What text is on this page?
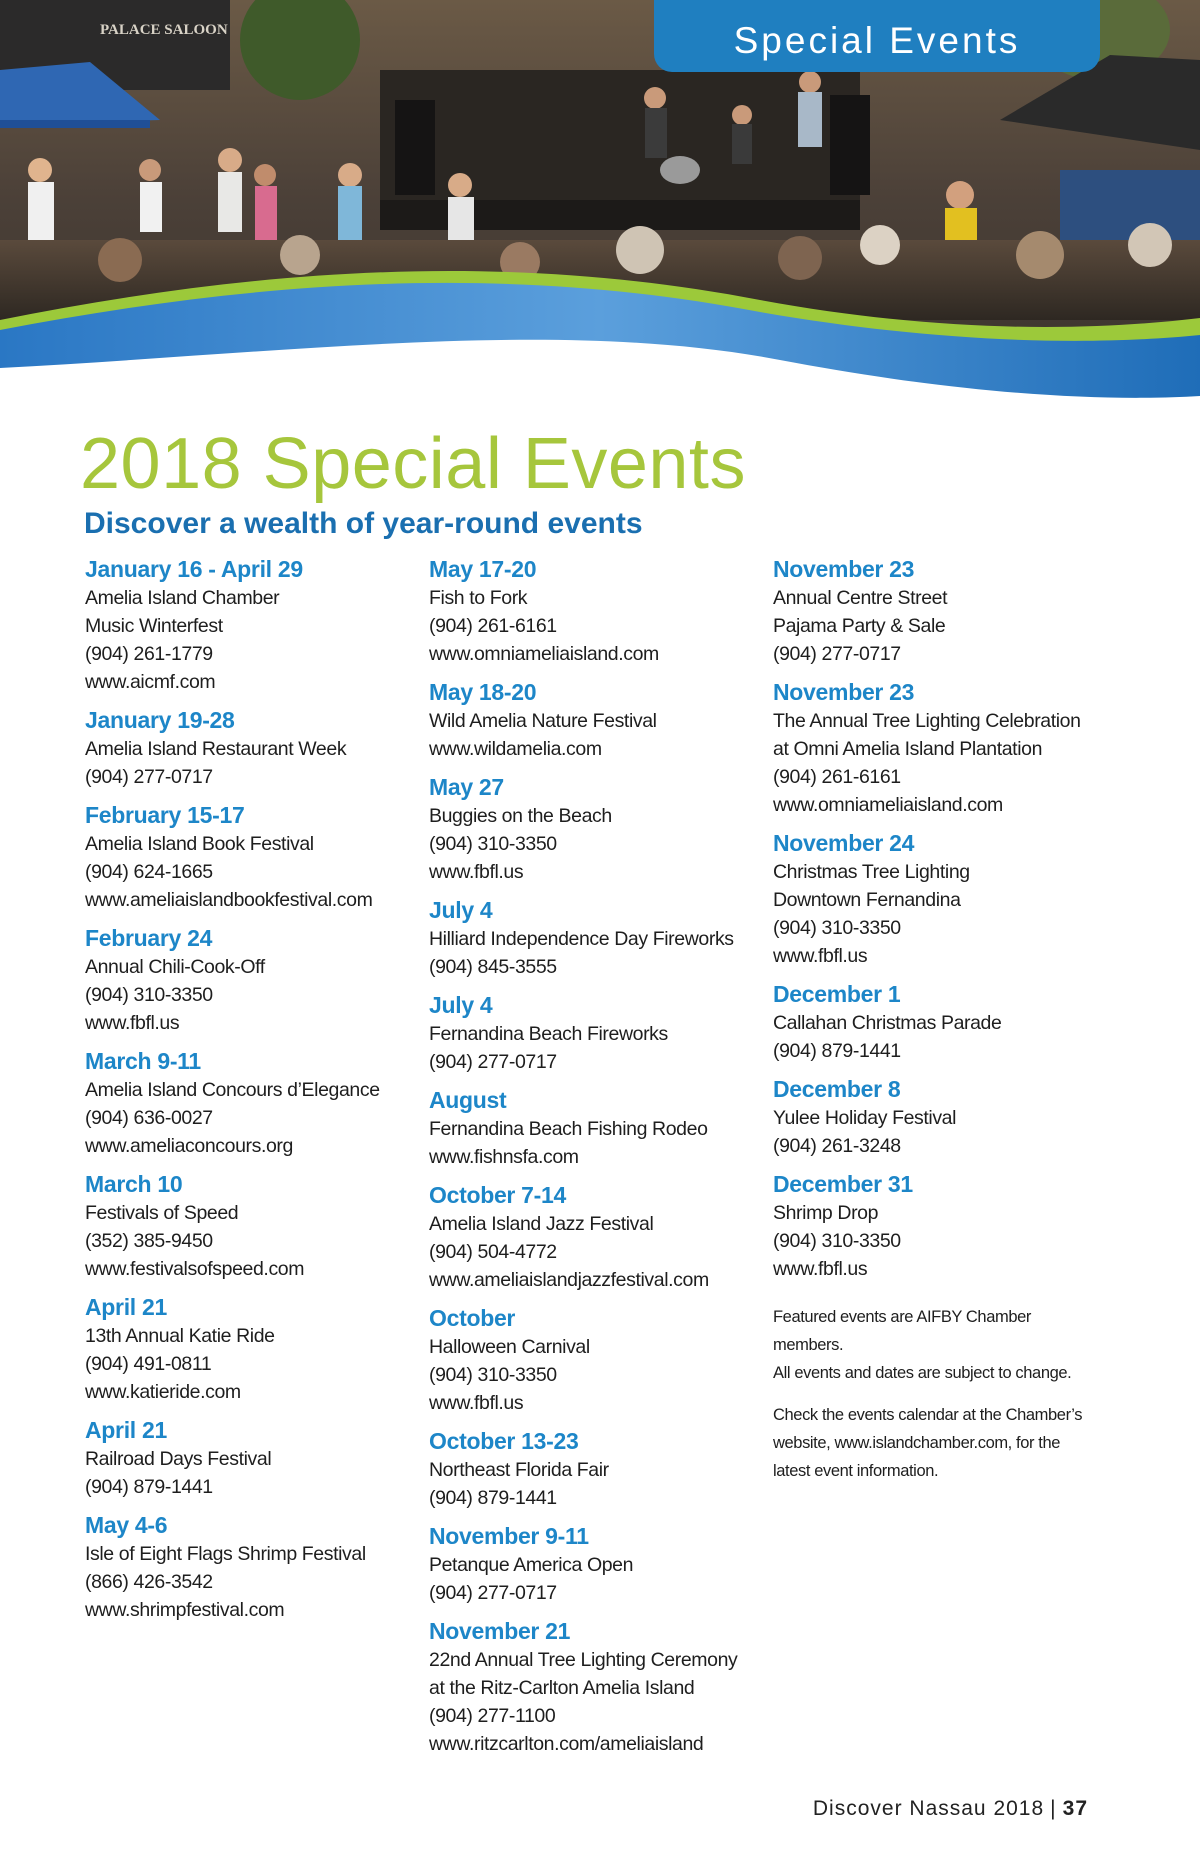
PALACE SALOON	Special Events
2018 Special Events
Discover a wealth of year-round events
January 16 - April 29
Amelia Island Chamber
Music Winterfest
(904) 261-1779
www.aicmf.com
January 19-28
Amelia Island Restaurant Week
(904) 277-0717
February 15-17
Amelia Island Book Festival
(904) 624-1665
www.ameliaislandbookfestival.com
February 24
Annual Chili-Cook-Off
(904) 310-3350
www.fbfl.us
March 9-11
Amelia Island Concours d’Elegance
(904) 636-0027
www.ameliaconcours.org
March 10
Festivals of Speed
(352) 385-9450
www.festivalsofspeed.com
April 21
13th Annual Katie Ride
(904) 491-0811
www.katieride.com
April 21
Railroad Days Festival
(904) 879-1441
May 4-6
Isle of Eight Flags Shrimp Festival
(866) 426-3542
www.shrimpfestival.com
May 17-20
Fish to Fork
(904) 261-6161
www.omniameliaisland.com
May 18-20
Wild Amelia Nature Festival
www.wildamelia.com
May 27
Buggies on the Beach
(904) 310-3350
www.fbfl.us
July 4
Hilliard Independence Day Fireworks
(904) 845-3555
July 4
Fernandina Beach Fireworks
(904) 277-0717
August
Fernandina Beach Fishing Rodeo
www.fishnsfa.com
October 7-14
Amelia Island Jazz Festival
(904) 504-4772
www.ameliaislandjazzfestival.com
October
Halloween Carnival
(904) 310-3350
www.fbfl.us
October 13-23
Northeast Florida Fair
(904) 879-1441
November 9-11
Petanque America Open
(904) 277-0717
November 21
22nd Annual Tree Lighting Ceremony
at the Ritz-Carlton Amelia Island
(904) 277-1100
www.ritzcarlton.com/ameliaisland
November 23
Annual Centre Street
Pajama Party & Sale
(904) 277-0717
November 23
The Annual Tree Lighting Celebration
at Omni Amelia Island Plantation
(904) 261-6161
www.omniameliaisland.com
November 24
Christmas Tree Lighting
Downtown Fernandina
(904) 310-3350
www.fbfl.us
December 1
Callahan Christmas Parade
(904) 879-1441
December 8
Yulee Holiday Festival
(904) 261-3248
December 31
Shrimp Drop
(904) 310-3350
www.fbfl.us
Featured events are AIFBY Chamber members.
All events and dates are subject to change.
Check the events calendar at the Chamber’s
website, www.islandchamber.com, for the
latest event information.
Discover Nassau 2018 | 37
